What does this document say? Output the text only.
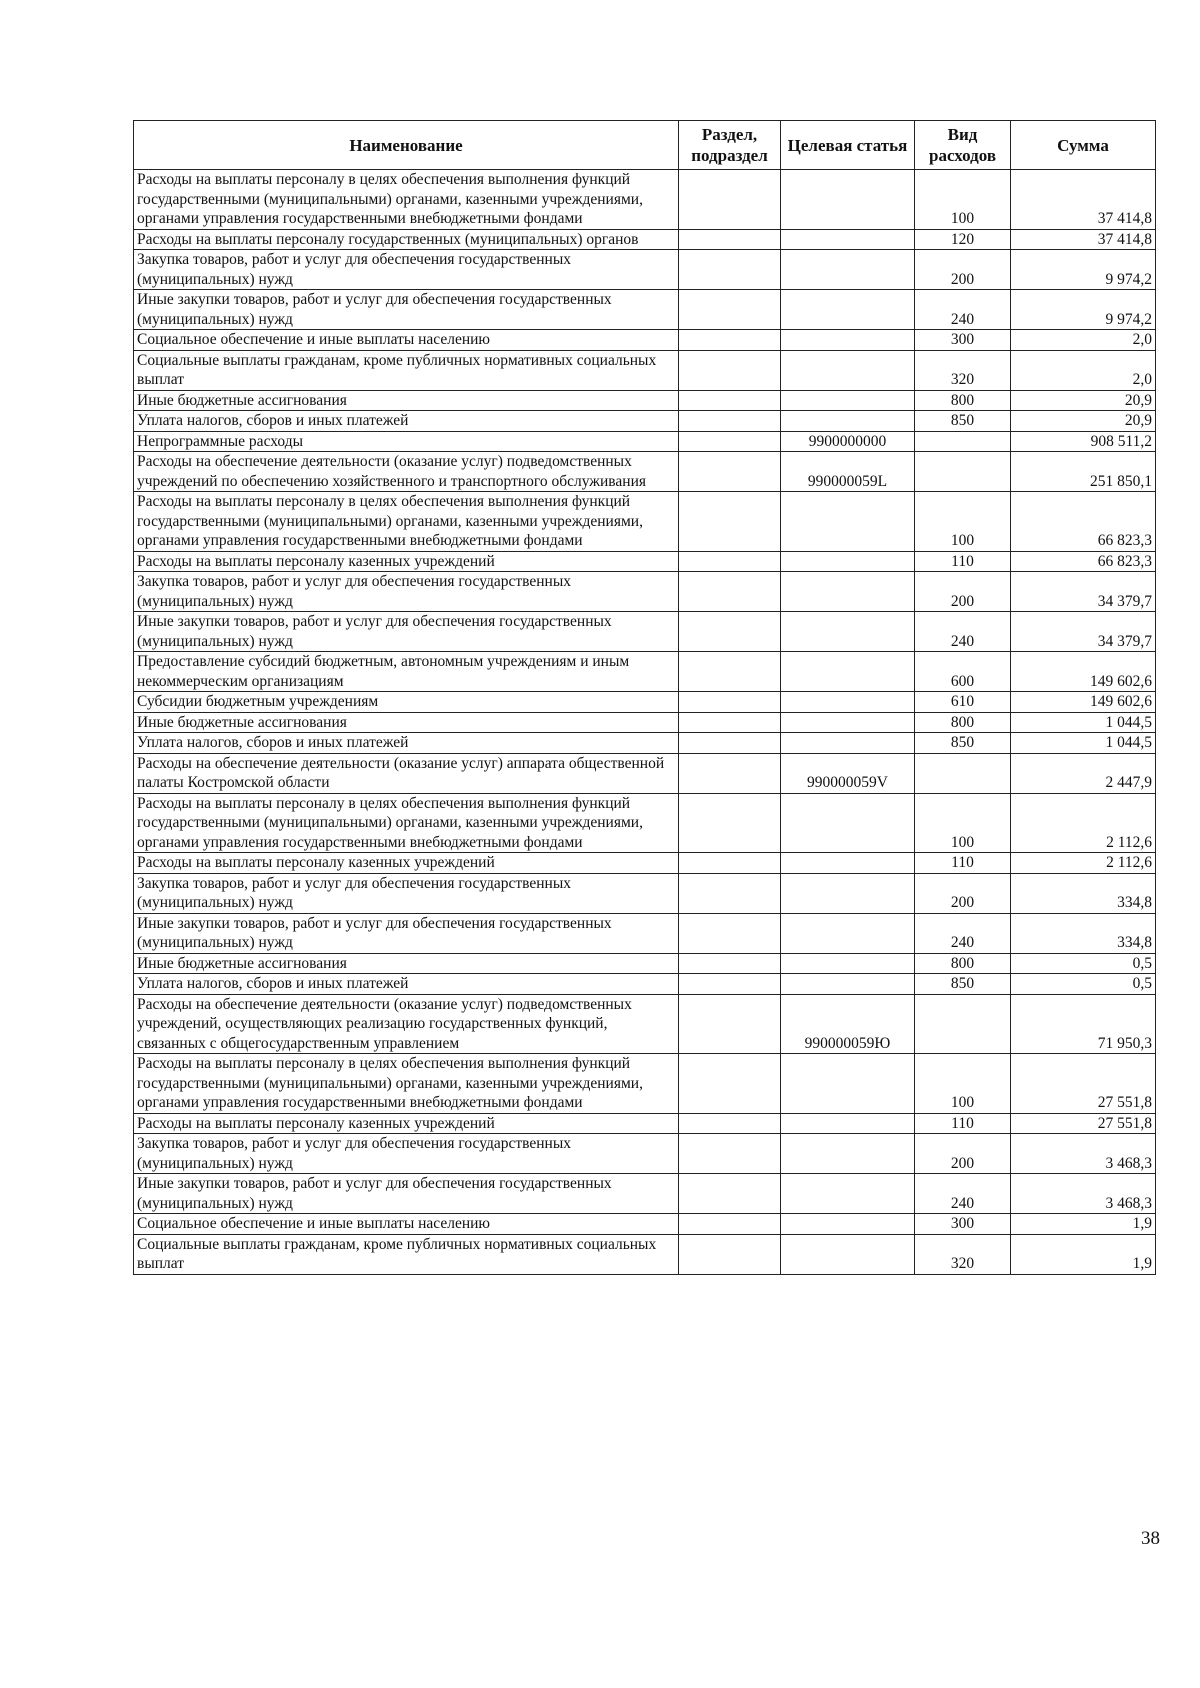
Наименование	Раздел, подраздел	Целевая статья	Вид расходов	Сумма
Расходы на выплаты персоналу в целях обеспечения выполнения функций государственными (муниципальными) органами, казенными учреждениями, органами управления государственными внебюджетными фондами			100	37 414,8
Расходы на выплаты персоналу государственных (муниципальных) органов			120	37 414,8
Закупка товаров, работ и услуг для обеспечения государственных (муниципальных) нужд			200	9 974,2
Иные закупки товаров, работ и услуг для обеспечения государственных (муниципальных) нужд			240	9 974,2
Социальное обеспечение и иные выплаты населению			300	2,0
Социальные выплаты гражданам, кроме публичных нормативных социальных выплат			320	2,0
Иные бюджетные ассигнования			800	20,9
Уплата налогов, сборов и иных платежей			850	20,9
Непрограммные расходы		9900000000		908 511,2
Расходы на обеспечение деятельности (оказание услуг) подведомственных учреждений по обеспечению хозяйственного и транспортного обслуживания		990000059L		251 850,1
Расходы на выплаты персоналу в целях обеспечения выполнения функций государственными (муниципальными) органами, казенными учреждениями, органами управления государственными внебюджетными фондами			100	66 823,3
Расходы на выплаты персоналу казенных учреждений			110	66 823,3
Закупка товаров, работ и услуг для обеспечения государственных (муниципальных) нужд			200	34 379,7
Иные закупки товаров, работ и услуг для обеспечения государственных (муниципальных) нужд			240	34 379,7
Предоставление субсидий бюджетным, автономным учреждениям и иным некоммерческим организациям			600	149 602,6
Субсидии бюджетным учреждениям			610	149 602,6
Иные бюджетные ассигнования			800	1 044,5
Уплата налогов, сборов и иных платежей			850	1 044,5
Расходы на обеспечение деятельности (оказание услуг) аппарата общественной палаты Костромской области		990000059V		2 447,9
Расходы на выплаты персоналу в целях обеспечения выполнения функций государственными (муниципальными) органами, казенными учреждениями, органами управления государственными внебюджетными фондами			100	2 112,6
Расходы на выплаты персоналу казенных учреждений			110	2 112,6
Закупка товаров, работ и услуг для обеспечения государственных (муниципальных) нужд			200	334,8
Иные закупки товаров, работ и услуг для обеспечения государственных (муниципальных) нужд			240	334,8
Иные бюджетные ассигнования			800	0,5
Уплата налогов, сборов и иных платежей			850	0,5
Расходы на обеспечение деятельности (оказание услуг) подведомственных учреждений, осуществляющих реализацию государственных функций, связанных с общегосударственным управлением		990000059Ю		71 950,3
Расходы на выплаты персоналу в целях обеспечения выполнения функций государственными (муниципальными) органами, казенными учреждениями, органами управления государственными внебюджетными фондами			100	27 551,8
Расходы на выплаты персоналу казенных учреждений			110	27 551,8
Закупка товаров, работ и услуг для обеспечения государственных (муниципальных) нужд			200	3 468,3
Иные закупки товаров, работ и услуг для обеспечения государственных (муниципальных) нужд			240	3 468,3
Социальное обеспечение и иные выплаты населению			300	1,9
Социальные выплаты гражданам, кроме публичных нормативных социальных выплат			320	1,9
38
